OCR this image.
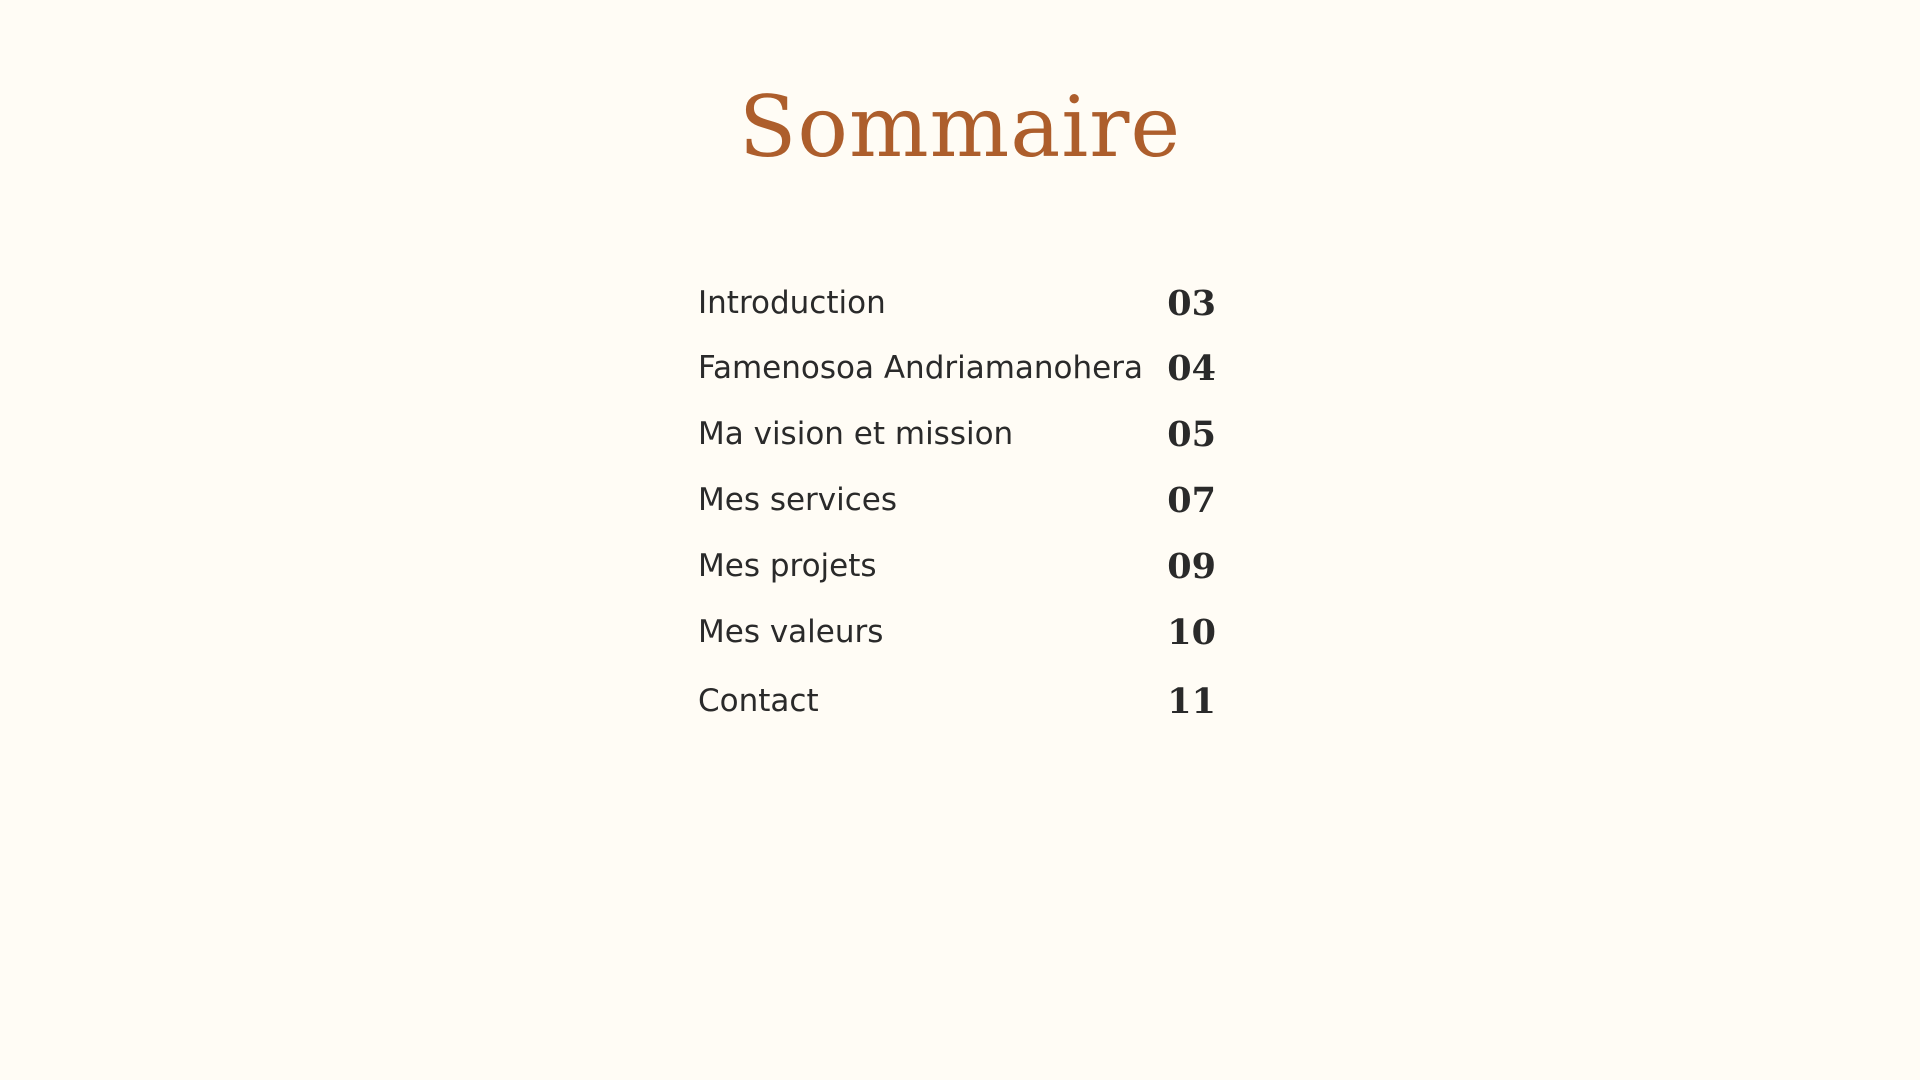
Sommaire
Introduction	03
Famenosoa Andriamanohera 04
Ma vision et mission	05
Mes services	07
Mes projets	09
Mes valeurs	10
Contact	11
